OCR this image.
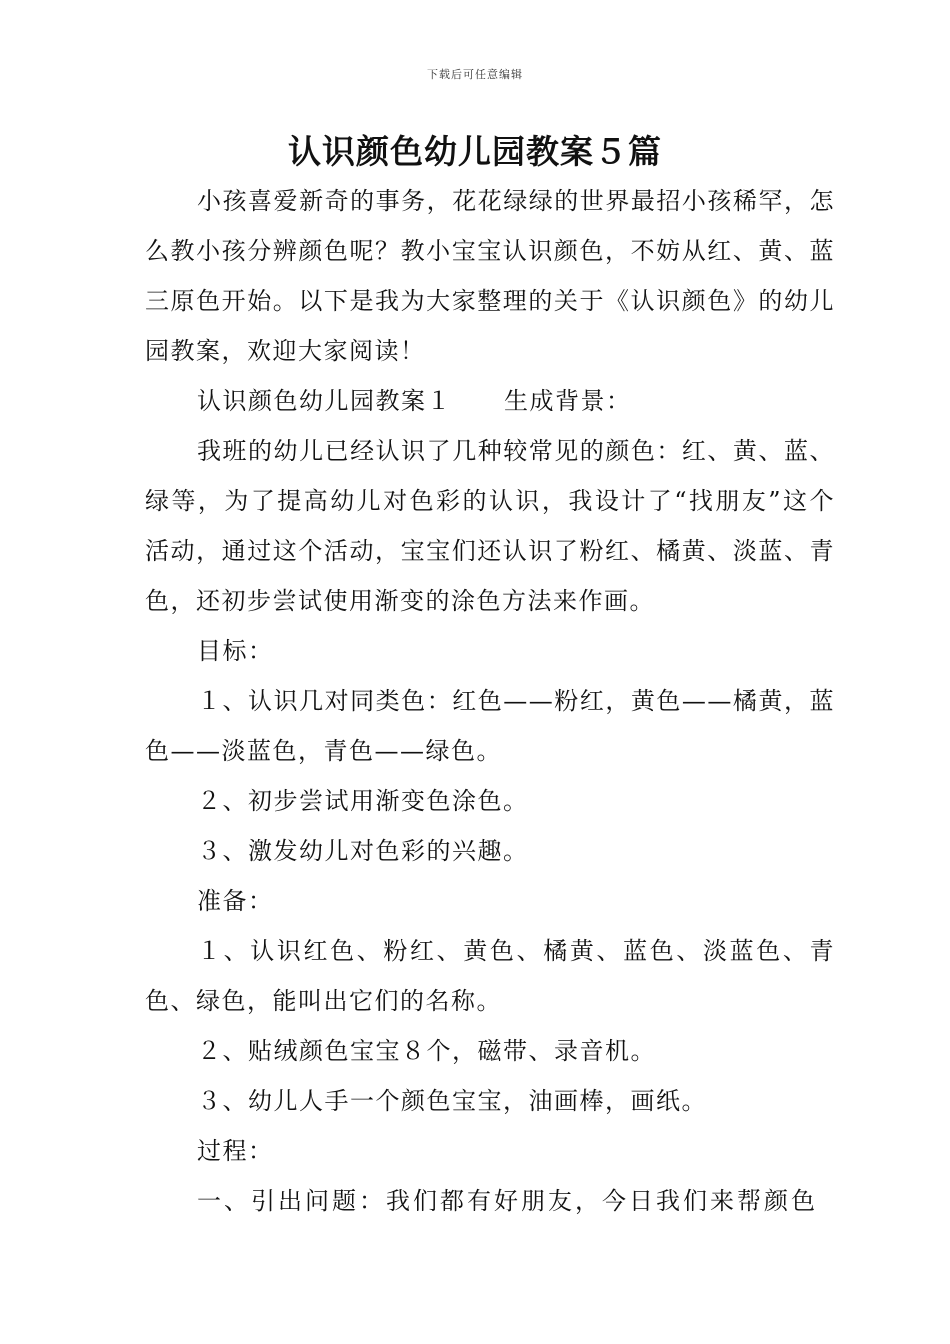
下载后可任意编辑
认识颜色幼儿园教案５篇

小孩喜爱新奇的事务，花花绿绿的世界最招小孩稀罕，怎么教小孩分辨颜色呢？教小宝宝认识颜色，不妨从红、黄、蓝三原色开始。以下是我为大家整理的关于《认识颜色》的幼儿园教案，欢迎大家阅读！

认识颜色幼儿园教案１ 生成背景：

我班的幼儿已经认识了几种较常见的颜色：红、黄、蓝、绿等，为了提高幼儿对色彩的认识，我设计了“找朋友”这个活动，通过这个活动，宝宝们还认识了粉红、橘黄、淡蓝、青色，还初步尝试使用渐变的涂色方法来作画。

目标：

１、认识几对同类色：红色——粉红，黄色——橘黄，蓝色——淡蓝色，青色——绿色。

２、初步尝试用渐变色涂色。

３、激发幼儿对色彩的兴趣。

准备：

１、认识红色、粉红、黄色、橘黄、蓝色、淡蓝色、青色、绿色，能叫出它们的名称。

２、贴绒颜色宝宝８个，磁带、录音机。

３、幼儿人手一个颜色宝宝，油画棒，画纸。

过程：

一、引出问题：我们都有好朋友，今日我们来帮颜色
